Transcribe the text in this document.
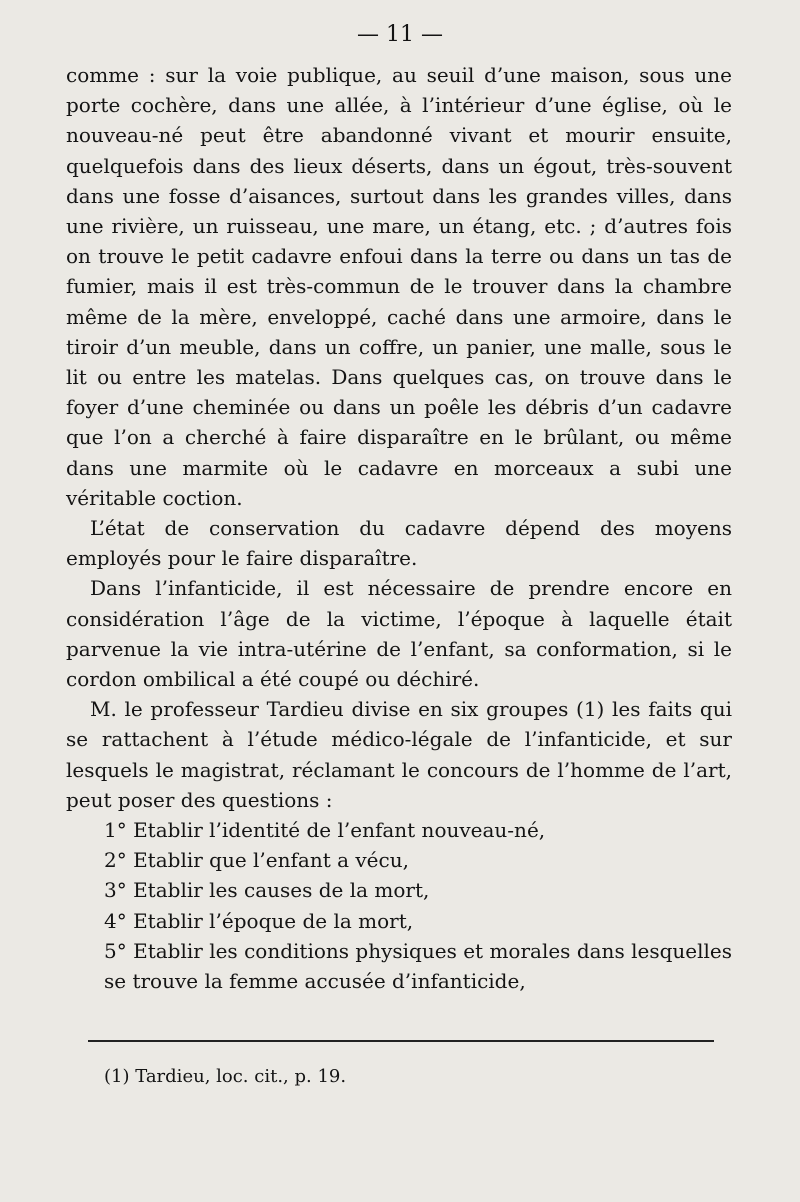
— 11 —

comme : sur la voie publique, au seuil d’une maison, sous une porte cochère, dans une allée, à l’intérieur d’une église, où le nouveau-né peut être abandonné vivant et mourir ensuite, quelquefois dans des lieux déserts, dans un égout, très-souvent dans une fosse d’aisances, surtout dans les grandes villes, dans une rivière, un ruisseau, une mare, un étang, etc. ; d’autres fois on trouve le petit cadavre enfoui dans la terre ou dans un tas de fumier, mais il est très-commun de le trouver dans la chambre même de la mère, enveloppé, caché dans une armoire, dans le tiroir d’un meuble, dans un coffre, un panier, une malle, sous le lit ou entre les matelas. Dans quelques cas, on trouve dans le foyer d’une cheminée ou dans un poêle les débris d’un cadavre que l’on a cherché à faire disparaître en le brûlant, ou même dans une marmite où le cadavre en morceaux a subi une véritable coction.

L’état de conservation du cadavre dépend des moyens employés pour le faire disparaître.

Dans l’infanticide, il est nécessaire de prendre encore en considération l’âge de la victime, l’époque à laquelle était parvenue la vie intra-utérine de l’enfant, sa conformation, si le cordon ombilical a été coupé ou déchiré.

M. le professeur Tardieu divise en six groupes (1) les faits qui se rattachent à l’étude médico-légale de l’infanticide, et sur lesquels le magistrat, réclamant le concours de l’homme de l’art, peut poser des questions :

1° Etablir l’identité de l’enfant nouveau-né,
2° Etablir que l’enfant a vécu,
3° Etablir les causes de la mort,
4° Etablir l’époque de la mort,
5° Etablir les conditions physiques et morales dans lesquelles se trouve la femme accusée d’infanticide,
(1) Tardieu, loc. cit., p. 19.
